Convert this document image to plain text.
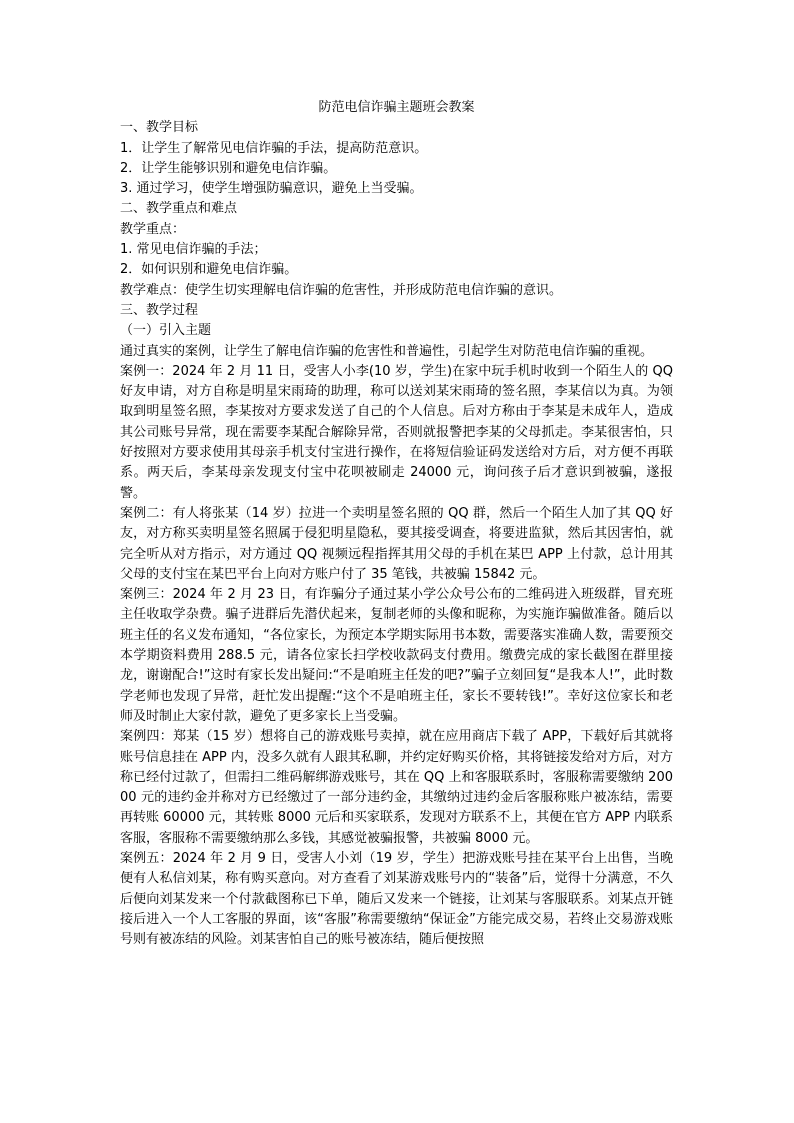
防范电信诈骗主题班会教案
一、教学目标

1．让学生了解常见电信诈骗的手法，提高防范意识。

2．让学生能够识别和避免电信诈骗。

3. 通过学习，使学生增强防骗意识，避免上当受骗。

二、教学重点和难点

教学重点：

1. 常见电信诈骗的手法；

2．如何识别和避免电信诈骗。

教学难点：使学生切实理解电信诈骗的危害性，并形成防范电信诈骗的意识。

三、教学过程
（一）引入主题

通过真实的案例，让学生了解电信诈骗的危害性和普遍性，引起学生对防范电信诈骗的重视。

案例一：2024 年 2 月 11 日，受害人小李(10 岁，学生)在家中玩手机时收到一个陌生人的 QQ 好友申请，对方自称是明星宋雨琦的助理，称可以送刘某宋雨琦的签名照，李某信以为真。为领取到明星签名照，李某按对方要求发送了自己的个人信息。后对方称由于李某是未成年人，造成其公司账号异常，现在需要李某配合解除异常，否则就报警把李某的父母抓走。李某很害怕，只好按照对方要求使用其母亲手机支付宝进行操作，在将短信验证码发送给对方后，对方便不再联系。两天后，李某母亲发现支付宝中花呗被刷走 24000 元，询问孩子后才意识到被骗，遂报警。

案例二：有人将张某（14 岁）拉进一个卖明星签名照的 QQ 群，然后一个陌生人加了其 QQ 好友，对方称买卖明星签名照属于侵犯明星隐私，要其接受调查，将要进监狱，然后其因害怕，就完全听从对方指示，对方通过 QQ 视频远程指挥其用父母的手机在某巴 APP 上付款，总计用其父母的支付宝在某巴平台上向对方账户付了 35 笔钱，共被骗 15842 元。

案例三：2024 年 2 月 23 日，有诈骗分子通过某小学公众号公布的二维码进入班级群，冒充班主任收取学杂费。骗子进群后先潜伏起来，复制老师的头像和昵称，为实施诈骗做准备。随后以班主任的名义发布通知，“各位家长，为预定本学期实际用书本数，需要落实准确人数，需要预交本学期资料费用 288.5 元，请各位家长扫学校收款码支付费用。缴费完成的家长截图在群里接龙，谢谢配合!”这时有家长发出疑问:“不是咱班主任发的吧?”骗子立刻回复“是我本人!”，此时数学老师也发现了异常，赶忙发出提醒:“这个不是咱班主任，家长不要转钱!”。幸好这位家长和老师及时制止大家付款，避免了更多家长上当受骗。

案例四：郑某（15 岁）想将自己的游戏账号卖掉，就在应用商店下载了 APP，下载好后其就将账号信息挂在 APP 内，没多久就有人跟其私聊，并约定好购买价格，其将链接发给对方后，对方称已经付过款了，但需扫二维码解绑游戏账号，其在 QQ 上和客服联系时，客服称需要缴纳 20000 元的违约金并称对方已经缴过了一部分违约金，其缴纳过违约金后客服称账户被冻结，需要再转账 60000 元，其转账 8000 元后和买家联系，发现对方联系不上，其便在官方 APP 内联系客服，客服称不需要缴纳那么多钱，其感觉被骗报警，共被骗 8000 元。

案例五：2024 年 2 月 9 日，受害人小刘（19 岁，学生）把游戏账号挂在某平台上出售，当晚便有人私信刘某，称有购买意向。对方查看了刘某游戏账号内的“装备”后，觉得十分满意，不久后便向刘某发来一个付款截图称已下单，随后又发来一个链接，让刘某与客服联系。刘某点开链接后进入一个人工客服的界面，该“客服”称需要缴纳“保证金”方能完成交易，若终止交易游戏账号则有被冻结的风险。刘某害怕自己的账号被冻结，随后便按照
